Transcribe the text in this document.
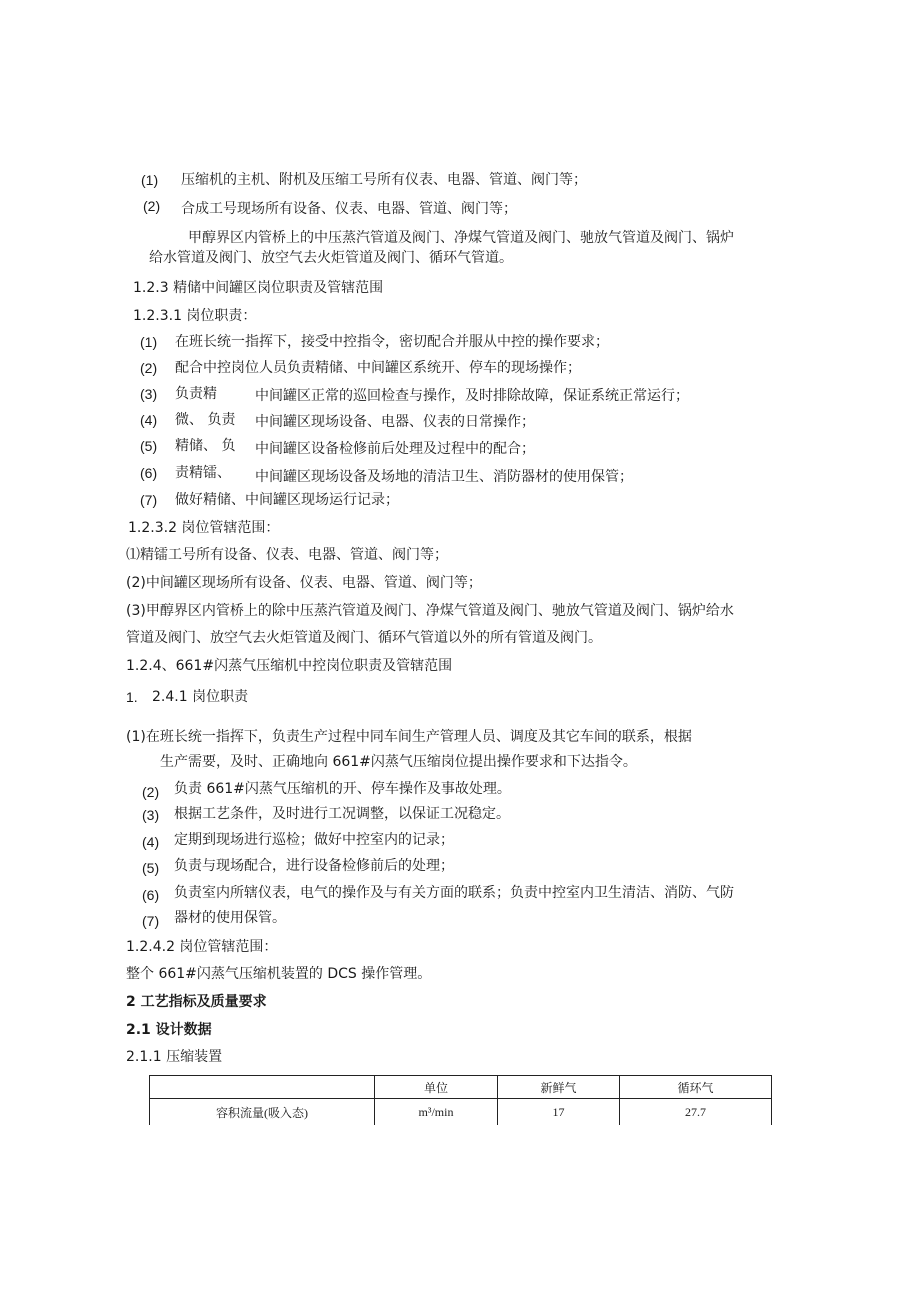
(1) 压缩机的主机、附机及压缩工号所有仪表、电器、管道、阀门等；
(2) 合成工号现场所有设备、仪表、电器、管道、阀门等；
甲醇界区内管桥上的中压蒸汽管道及阀门、净煤气管道及阀门、驰放气管道及阀门、锅炉
给水管道及阀门、放空气去火炬管道及阀门、循环气管道。
1.2.3 精储中间罐区岗位职责及管辖范围
1.2.3.1 岗位职责：
(1) 在班长统一指挥下，接受中控指令，密切配合并服从中控的操作要求；
(2) 配合中控岗位人员负责精储、中间罐区系统开、停车的现场操作；
(3) 负责精	中间罐区正常的巡回检查与操作，及时排除故障，保证系统正常运行；
(4) 微、 负责 中间罐区现场设备、电器、仪表的日常操作；
(5) 精储、 负 中间罐区设备检修前后处理及过程中的配合；
(6) 责精镭、 中间罐区现场设备及场地的清洁卫生、消防器材的使用保管；
(7) 做好精储、中间罐区现场运行记录；
1.2.3.2 岗位管辖范围：
⑴精镭工号所有设备、仪表、电器、管道、阀门等；
(2)中间罐区现场所有设备、仪表、电器、管道、阀门等；
(3)甲醇界区内管桥上的除中压蒸汽管道及阀门、净煤气管道及阀门、驰放气管道及阀门、锅炉给水
管道及阀门、放空气去火炬管道及阀门、循环气管道以外的所有管道及阀门。
1.2.4、661#闪蒸气压缩机中控岗位职责及管辖范围
1. 2.4.1 岗位职责
(1)在班长统一指挥下，负责生产过程中同车间生产管理人员、调度及其它车间的联系，根据
生产需要，及时、正确地向 661#闪蒸气压缩岗位提出操作要求和下达指令。
(2) 负责 661#闪蒸气压缩机的开、停车操作及事故处理。
(3) 根据工艺条件，及时进行工况调整，以保证工况稳定。
(4) 定期到现场进行巡检；做好中控室内的记录；
(5) 负责与现场配合，进行设备检修前后的处理；
(6) 负责室内所辖仪表，电气的操作及与有关方面的联系；负责中控室内卫生清洁、消防、气防
(7) 器材的使用保管。
1.2.4.2 岗位管辖范围：
整个 661#闪蒸气压缩机装置的 DCS 操作管理。
2 工艺指标及质量要求
2.1 设计数据
2.1.1 压缩装置
	单位	新鲜气	循环气
容积流量(吸入态)	m³/min	17	27.7
